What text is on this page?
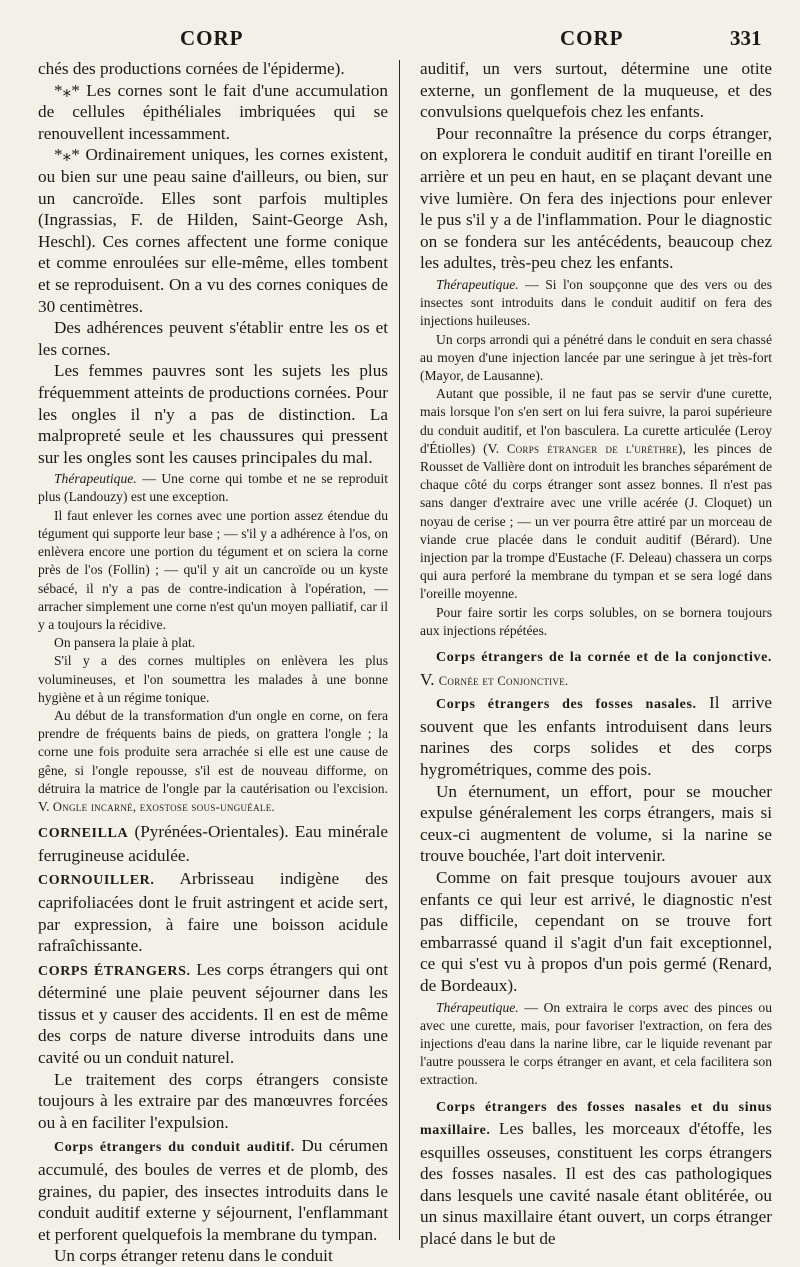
CORP	CORP	331

chés des productions cornées de l'épiderme).

*⁎* Les cornes sont le fait d'une accumulation de cellules épithéliales imbriquées qui se renouvellent incessamment.

*⁎* Ordinairement uniques, les cornes existent, ou bien sur une peau saine d'ailleurs, ou bien, sur un cancroïde. Elles sont parfois multiples (Ingrassias, F. de Hilden, Saint-George Ash, Heschl). Ces cornes affectent une forme conique et comme enroulées sur elle-même, elles tombent et se reproduisent. On a vu des cornes coniques de 30 centimètres.

Des adhérences peuvent s'établir entre les os et les cornes.

Les femmes pauvres sont les sujets les plus fréquemment atteints de productions cornées. Pour les ongles il n'y a pas de distinction. La malpropreté seule et les chaussures qui pressent sur les ongles sont les causes principales du mal.

Thérapeutique. — Une corne qui tombe et ne se reproduit plus (Landouzy) est une exception.

Il faut enlever les cornes avec une portion assez étendue du tégument qui supporte leur base ; — s'il y a adhérence à l'os, on enlèvera encore une portion du tégument et on sciera la corne près de l'os (Follin) ; — qu'il y ait un cancroïde ou un kyste sébacé, il n'y a pas de contre-indication à l'opération, — arracher simplement une corne n'est qu'un moyen palliatif, car il y a toujours la récidive.

On pansera la plaie à plat.

S'il y a des cornes multiples on enlèvera les plus volumineuses, et l'on soumettra les malades à une bonne hygiène et à un régime tonique.

Au début de la transformation d'un ongle en corne, on fera prendre de fréquents bains de pieds, on grattera l'ongle ; la corne une fois produite sera arrachée si elle est une cause de gêne, si l'ongle repousse, s'il est de nouveau difforme, on détruira la matrice de l'ongle par la cautérisation ou l'excision. V. Ongle incarné, exostose sous-unguéale.

CORNEILLA (Pyrénées-Orientales). Eau minérale ferrugineuse acidulée.

CORNOUILLER. Arbrisseau indigène des caprifoliacées dont le fruit astringent et acide sert, par expression, à faire une boisson acidule rafraîchissante.

CORPS ÉTRANGERS. Les corps étrangers qui ont déterminé une plaie peuvent séjourner dans les tissus et y causer des accidents. Il en est de même des corps de nature diverse introduits dans une cavité ou un conduit naturel.

Le traitement des corps étrangers consiste toujours à les extraire par des manœuvres forcées ou à en faciliter l'expulsion.

Corps étrangers du conduit auditif. Du cérumen accumulé, des boules de verres et de plomb, des graines, du papier, des insectes introduits dans le conduit auditif externe y séjournent, l'enflammant et perforent quelquefois la membrane du tympan.

Un corps étranger retenu dans le conduit

auditif, un vers surtout, détermine une otite externe, un gonflement de la muqueuse, et des convulsions quelquefois chez les enfants.

Pour reconnaître la présence du corps étranger, on explorera le conduit auditif en tirant l'oreille en arrière et un peu en haut, en se plaçant devant une vive lumière. On fera des injections pour enlever le pus s'il y a de l'inflammation. Pour le diagnostic on se fondera sur les antécédents, beaucoup chez les adultes, très-peu chez les enfants.

Thérapeutique. — Si l'on soupçonne que des vers ou des insectes sont introduits dans le conduit auditif on fera des injections huileuses.

Un corps arrondi qui a pénétré dans le conduit en sera chassé au moyen d'une injection lancée par une seringue à jet très-fort (Mayor, de Lausanne).

Autant que possible, il ne faut pas se servir d'une curette, mais lorsque l'on s'en sert on lui fera suivre, la paroi supérieure du conduit auditif, et l'on basculera. La curette articulée (Leroy d'Étiolles) (V. Corps étranger de l'urèthre), les pinces de Rousset de Vallière dont on introduit les branches séparément de chaque côté du corps étranger sont assez bonnes. Il n'est pas sans danger d'extraire avec une vrille acérée (J. Cloquet) un noyau de cerise ; — un ver pourra être attiré par un morceau de viande crue placée dans le conduit auditif (Bérard). Une injection par la trompe d'Eustache (F. Deleau) chassera un corps qui aura perforé la membrane du tympan et se sera logé dans l'oreille moyenne.

Pour faire sortir les corps solubles, on se bornera toujours aux injections répétées.

Corps étrangers de la cornée et de la conjonctive. V. Cornée et Conjonctive.

Corps étrangers des fosses nasales. Il arrive souvent que les enfants introduisent dans leurs narines des corps solides et des corps hygrométriques, comme des pois.

Un éternument, un effort, pour se moucher expulse généralement les corps étrangers, mais si ceux-ci augmentent de volume, si la narine se trouve bouchée, l'art doit intervenir.

Comme on fait presque toujours avouer aux enfants ce qui leur est arrivé, le diagnostic n'est pas difficile, cependant on se trouve fort embarrassé quand il s'agit d'un fait exceptionnel, ce qui s'est vu à propos d'un pois germé (Renard, de Bordeaux).

Thérapeutique. — On extraira le corps avec des pinces ou avec une curette, mais, pour favoriser l'extraction, on fera des injections d'eau dans la narine libre, car le liquide revenant par l'autre poussera le corps étranger en avant, et cela facilitera son extraction.

Corps étrangers des fosses nasales et du sinus maxillaire. Les balles, les morceaux d'étoffe, les esquilles osseuses, constituent les corps étrangers des fosses nasales. Il est des cas pathologiques dans lesquels une cavité nasale étant oblitérée, ou un sinus maxillaire étant ouvert, un corps étranger placé dans le but de
